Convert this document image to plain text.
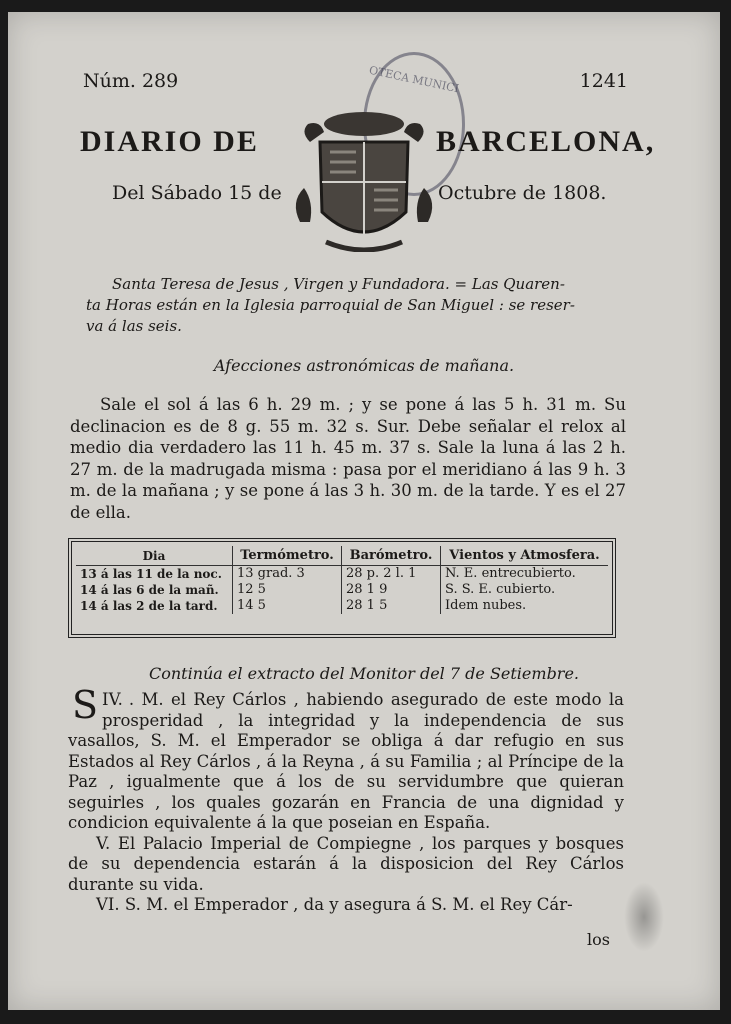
Núm. 289	1241
OTECA MUNICI
DIARIO DE	BARCELONA,
Del Sábado 15 de	Octubre de 1808.

Santa Teresa de Jesus , Virgen y Fundadora. = Las Quaren-

ta Horas están en la Iglesia parroquial de San Miguel : se reser-

va á las seis.

Afecciones astronómicas de mañana.

Sale el sol á las 6 h. 29 m. ; y se pone á las 5 h. 31 m. Su declinacion es de 8 g. 55 m. 32 s. Sur. Debe señalar el relox al medio dia verdadero las 11 h. 45 m. 37 s. Sale la luna á las 2 h. 27 m. de la madrugada misma : pasa por el meridiano á las 9 h. 3 m. de la mañana ; y se pone á las 3 h. 30 m. de la tarde. Y es el 27 de ella.

Dia	Termómetro.	Barómetro.	Vientos y Atmosfera.
13 á las 11 de la noc.	13 grad. 3	28 p. 2 l. 1	N. E. entrecubierto.
14 á las 6 de la mañ.	12 5	28 1 9	S. S. E. cubierto.
14 á las 2 de la tard.	14 5	28 1 5	Idem nubes.
Continúa el extracto del Monitor del 7 de Setiembre.

IV.
S . M. el Rey Cárlos , habiendo asegurado de este modo la prosperidad , la integridad y la independencia de sus vasallos, S. M. el Emperador se obliga á dar refugio en sus Estados al Rey Cárlos , á la Reyna , á su Familia ; al Príncipe de la Paz , igualmente que á los de su servidumbre que quieran seguirles , los quales gozarán en Francia de una dignidad y condicion equivalente á la que poseian en España.

V. El Palacio Imperial de Compiegne , los parques y bosques de su dependencia estarán á la disposicion del Rey Cárlos durante su vida.

VI. S. M. el Emperador , da y asegura á S. M. el Rey Cár-

los
